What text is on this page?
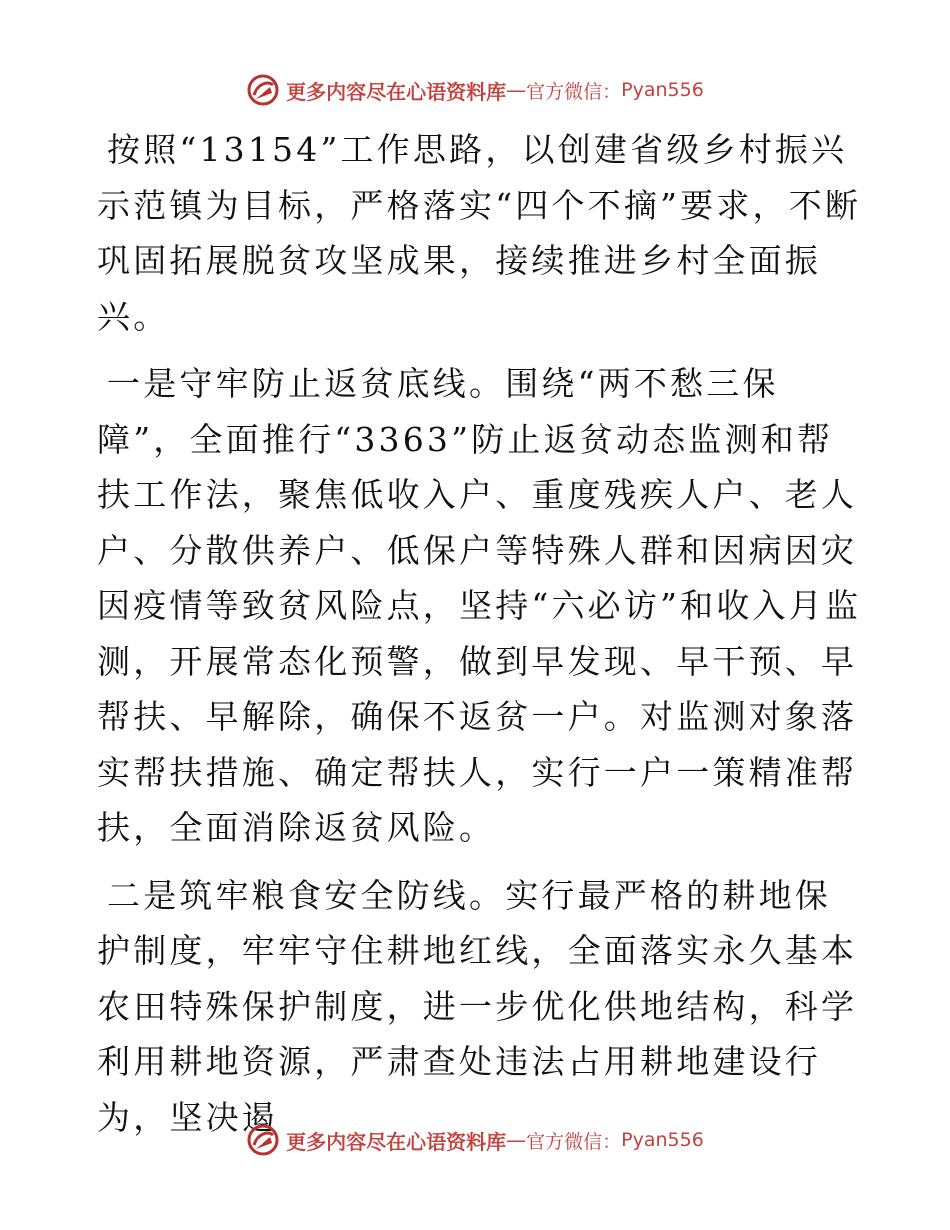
更多内容尽在心语资料库 — 官方微信： Pyan556

按照“13154”工作思路，以创建省级乡村振兴示范镇为目标，严格落实“四个不摘”要求，不断巩固拓展脱贫攻坚成果，接续推进乡村全面振兴。

一是守牢防止返贫底线。围绕“两不愁三保障”，全面推行“3363”防止返贫动态监测和帮扶工作法，聚焦低收入户、重度残疾人户、老人户、分散供养户、低保户等特殊人群和因病因灾因疫情等致贫风险点，坚持“六必访”和收入月监测，开展常态化预警，做到早发现、早干预、早帮扶、早解除，确保不返贫一户。对监测对象落实帮扶措施、确定帮扶人，实行一户一策精准帮扶，全面消除返贫风险。

二是筑牢粮食安全防线。实行最严格的耕地保护制度，牢牢守住耕地红线，全面落实永久基本农田特殊保护制度，进一步优化供地结构，科学利用耕地资源，严肃查处违法占用耕地建设行为，坚决遏

更多内容尽在心语资料库 — 官方微信： Pyan556
